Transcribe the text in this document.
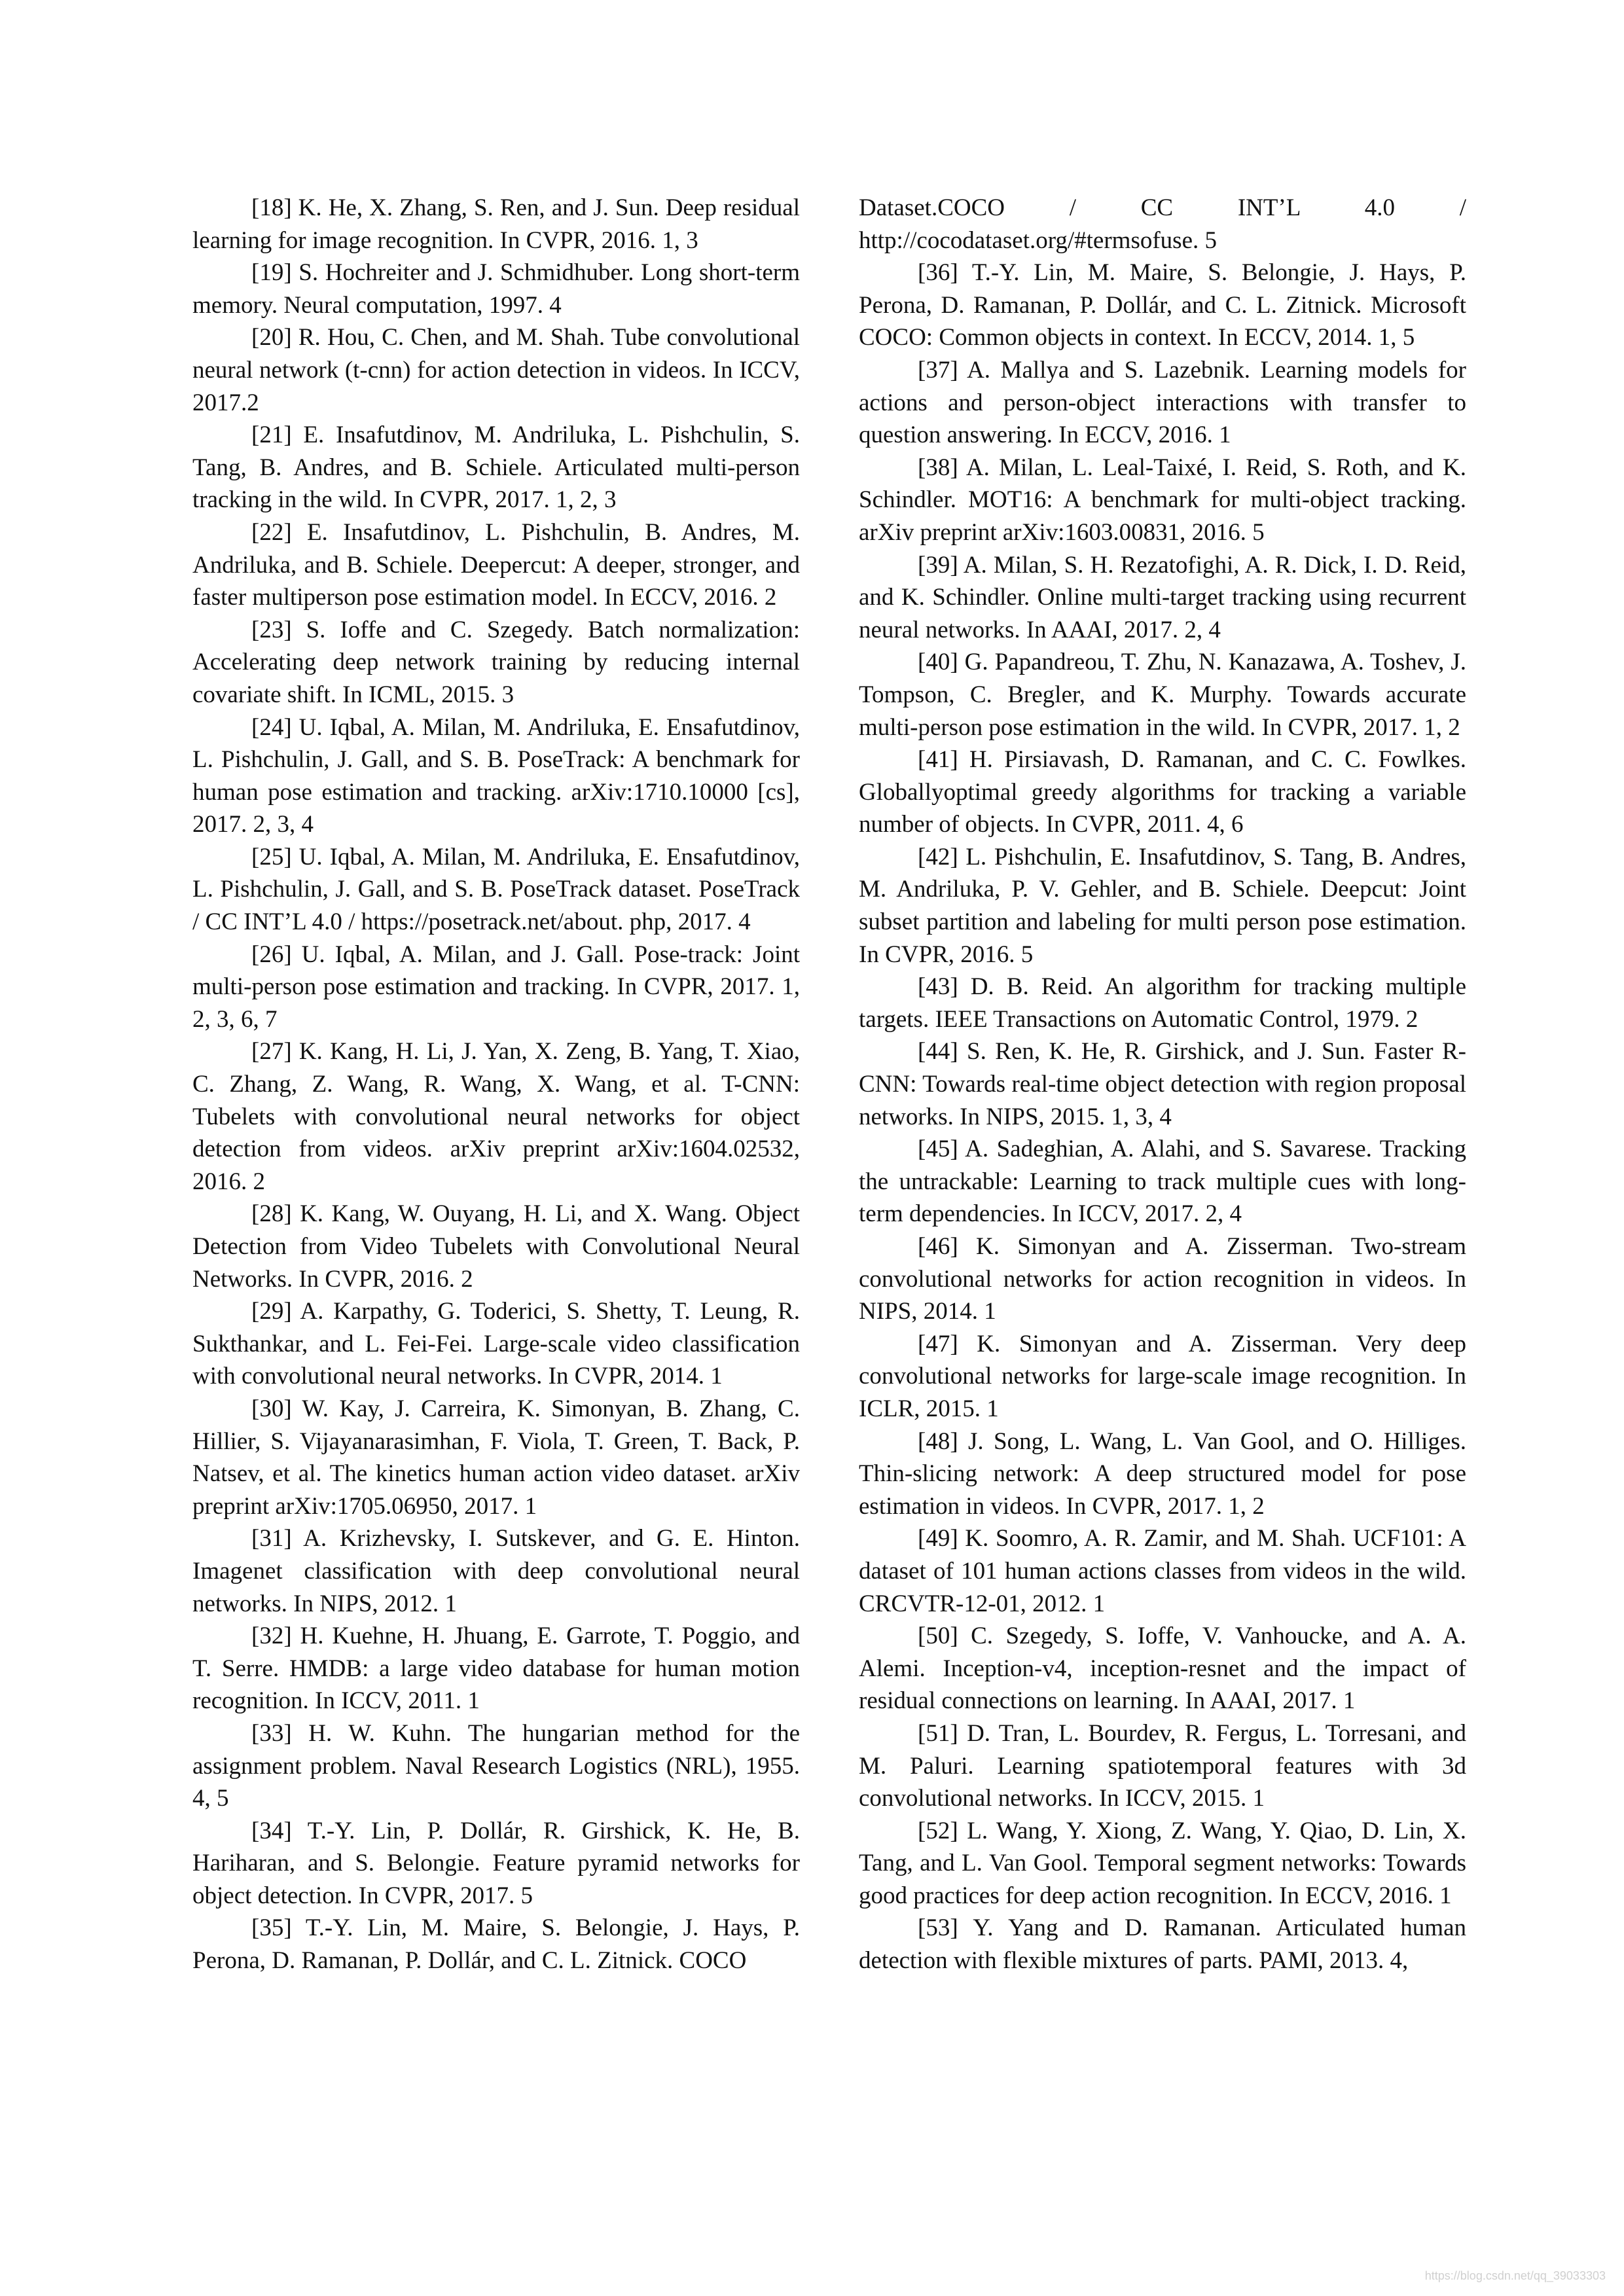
[18] K. He, X. Zhang, S. Ren, and J. Sun. Deep residual learning for image recognition. In CVPR, 2016. 1, 3

[19] S. Hochreiter and J. Schmidhuber. Long short-term memory. Neural computation, 1997. 4

[20] R. Hou, C. Chen, and M. Shah. Tube convolutional neural network (t-cnn) for action detection in videos. In ICCV, 2017.2

[21] E. Insafutdinov, M. Andriluka, L. Pishchulin, S. Tang, B. Andres, and B. Schiele. Articulated multi-person tracking in the wild. In CVPR, 2017. 1, 2, 3

[22] E. Insafutdinov, L. Pishchulin, B. Andres, M. Andriluka, and B. Schiele. Deepercut: A deeper, stronger, and faster multiperson pose estimation model. In ECCV, 2016. 2

[23] S. Ioffe and C. Szegedy. Batch normalization: Accelerating deep network training by reducing internal covariate shift. In ICML, 2015. 3

[24] U. Iqbal, A. Milan, M. Andriluka, E. Ensafutdinov, L. Pishchulin, J. Gall, and S. B. PoseTrack: A benchmark for human pose estimation and tracking. arXiv:1710.10000 [cs], 2017. 2, 3, 4

[25] U. Iqbal, A. Milan, M. Andriluka, E. Ensafutdinov, L. Pishchulin, J. Gall, and S. B. PoseTrack dataset. PoseTrack / CC INT’L 4.0 / https://posetrack.net/about. php, 2017. 4

[26] U. Iqbal, A. Milan, and J. Gall. Pose-track: Joint multi-person pose estimation and tracking. In CVPR, 2017. 1, 2, 3, 6, 7

[27] K. Kang, H. Li, J. Yan, X. Zeng, B. Yang, T. Xiao, C. Zhang, Z. Wang, R. Wang, X. Wang, et al. T-CNN: Tubelets with convolutional neural networks for object detection from videos. arXiv preprint arXiv:1604.02532, 2016. 2

[28] K. Kang, W. Ouyang, H. Li, and X. Wang. Object Detection from Video Tubelets with Convolutional Neural Networks. In CVPR, 2016. 2

[29] A. Karpathy, G. Toderici, S. Shetty, T. Leung, R. Sukthankar, and L. Fei-Fei. Large-scale video classification with convolutional neural networks. In CVPR, 2014. 1

[30] W. Kay, J. Carreira, K. Simonyan, B. Zhang, C. Hillier, S. Vijayanarasimhan, F. Viola, T. Green, T. Back, P. Natsev, et al. The kinetics human action video dataset. arXiv preprint arXiv:1705.06950, 2017. 1

[31] A. Krizhevsky, I. Sutskever, and G. E. Hinton. Imagenet classification with deep convolutional neural networks. In NIPS, 2012. 1

[32] H. Kuehne, H. Jhuang, E. Garrote, T. Poggio, and T. Serre. HMDB: a large video database for human motion recognition. In ICCV, 2011. 1

[33] H. W. Kuhn. The hungarian method for the assignment problem. Naval Research Logistics (NRL), 1955. 4, 5

[34] T.-Y. Lin, P. Dollár, R. Girshick, K. He, B. Hariharan, and S. Belongie. Feature pyramid networks for object detection. In CVPR, 2017. 5

[35] T.-Y. Lin, M. Maire, S. Belongie, J. Hays, P. Perona, D. Ramanan, P. Dollár, and C. L. Zitnick. COCO

Dataset.COCO / CC INT’L 4.0 / http://cocodataset.org/#termsofuse. 5

[36] T.-Y. Lin, M. Maire, S. Belongie, J. Hays, P. Perona, D. Ramanan, P. Dollár, and C. L. Zitnick. Microsoft COCO: Common objects in context. In ECCV, 2014. 1, 5

[37] A. Mallya and S. Lazebnik. Learning models for actions and person-object interactions with transfer to question answering. In ECCV, 2016. 1

[38] A. Milan, L. Leal-Taixé, I. Reid, S. Roth, and K. Schindler. MOT16: A benchmark for multi-object tracking. arXiv preprint arXiv:1603.00831, 2016. 5

[39] A. Milan, S. H. Rezatofighi, A. R. Dick, I. D. Reid, and K. Schindler. Online multi-target tracking using recurrent neural networks. In AAAI, 2017. 2, 4

[40] G. Papandreou, T. Zhu, N. Kanazawa, A. Toshev, J. Tompson, C. Bregler, and K. Murphy. Towards accurate multi-person pose estimation in the wild. In CVPR, 2017. 1, 2

[41] H. Pirsiavash, D. Ramanan, and C. C. Fowlkes. Globallyoptimal greedy algorithms for tracking a variable number of objects. In CVPR, 2011. 4, 6

[42] L. Pishchulin, E. Insafutdinov, S. Tang, B. Andres, M. Andriluka, P. V. Gehler, and B. Schiele. Deepcut: Joint subset partition and labeling for multi person pose estimation. In CVPR, 2016. 5

[43] D. B. Reid. An algorithm for tracking multiple targets. IEEE Transactions on Automatic Control, 1979. 2

[44] S. Ren, K. He, R. Girshick, and J. Sun. Faster R-CNN: Towards real-time object detection with region proposal networks. In NIPS, 2015. 1, 3, 4

[45] A. Sadeghian, A. Alahi, and S. Savarese. Tracking the untrackable: Learning to track multiple cues with long-term dependencies. In ICCV, 2017. 2, 4

[46] K. Simonyan and A. Zisserman. Two-stream convolutional networks for action recognition in videos. In NIPS, 2014. 1

[47] K. Simonyan and A. Zisserman. Very deep convolutional networks for large-scale image recognition. In ICLR, 2015. 1

[48] J. Song, L. Wang, L. Van Gool, and O. Hilliges. Thin-slicing network: A deep structured model for pose estimation in videos. In CVPR, 2017. 1, 2

[49] K. Soomro, A. R. Zamir, and M. Shah. UCF101: A dataset of 101 human actions classes from videos in the wild. CRCVTR-12-01, 2012. 1

[50] C. Szegedy, S. Ioffe, V. Vanhoucke, and A. A. Alemi. Inception-v4, inception-resnet and the impact of residual connections on learning. In AAAI, 2017. 1

[51] D. Tran, L. Bourdev, R. Fergus, L. Torresani, and M. Paluri. Learning spatiotemporal features with 3d convolutional networks. In ICCV, 2015. 1

[52] L. Wang, Y. Xiong, Z. Wang, Y. Qiao, D. Lin, X. Tang, and L. Van Gool. Temporal segment networks: Towards good practices for deep action recognition. In ECCV, 2016. 1

[53] Y. Yang and D. Ramanan. Articulated human detection with flexible mixtures of parts. PAMI, 2013. 4,

https://blog.csdn.net/qq_39033303
